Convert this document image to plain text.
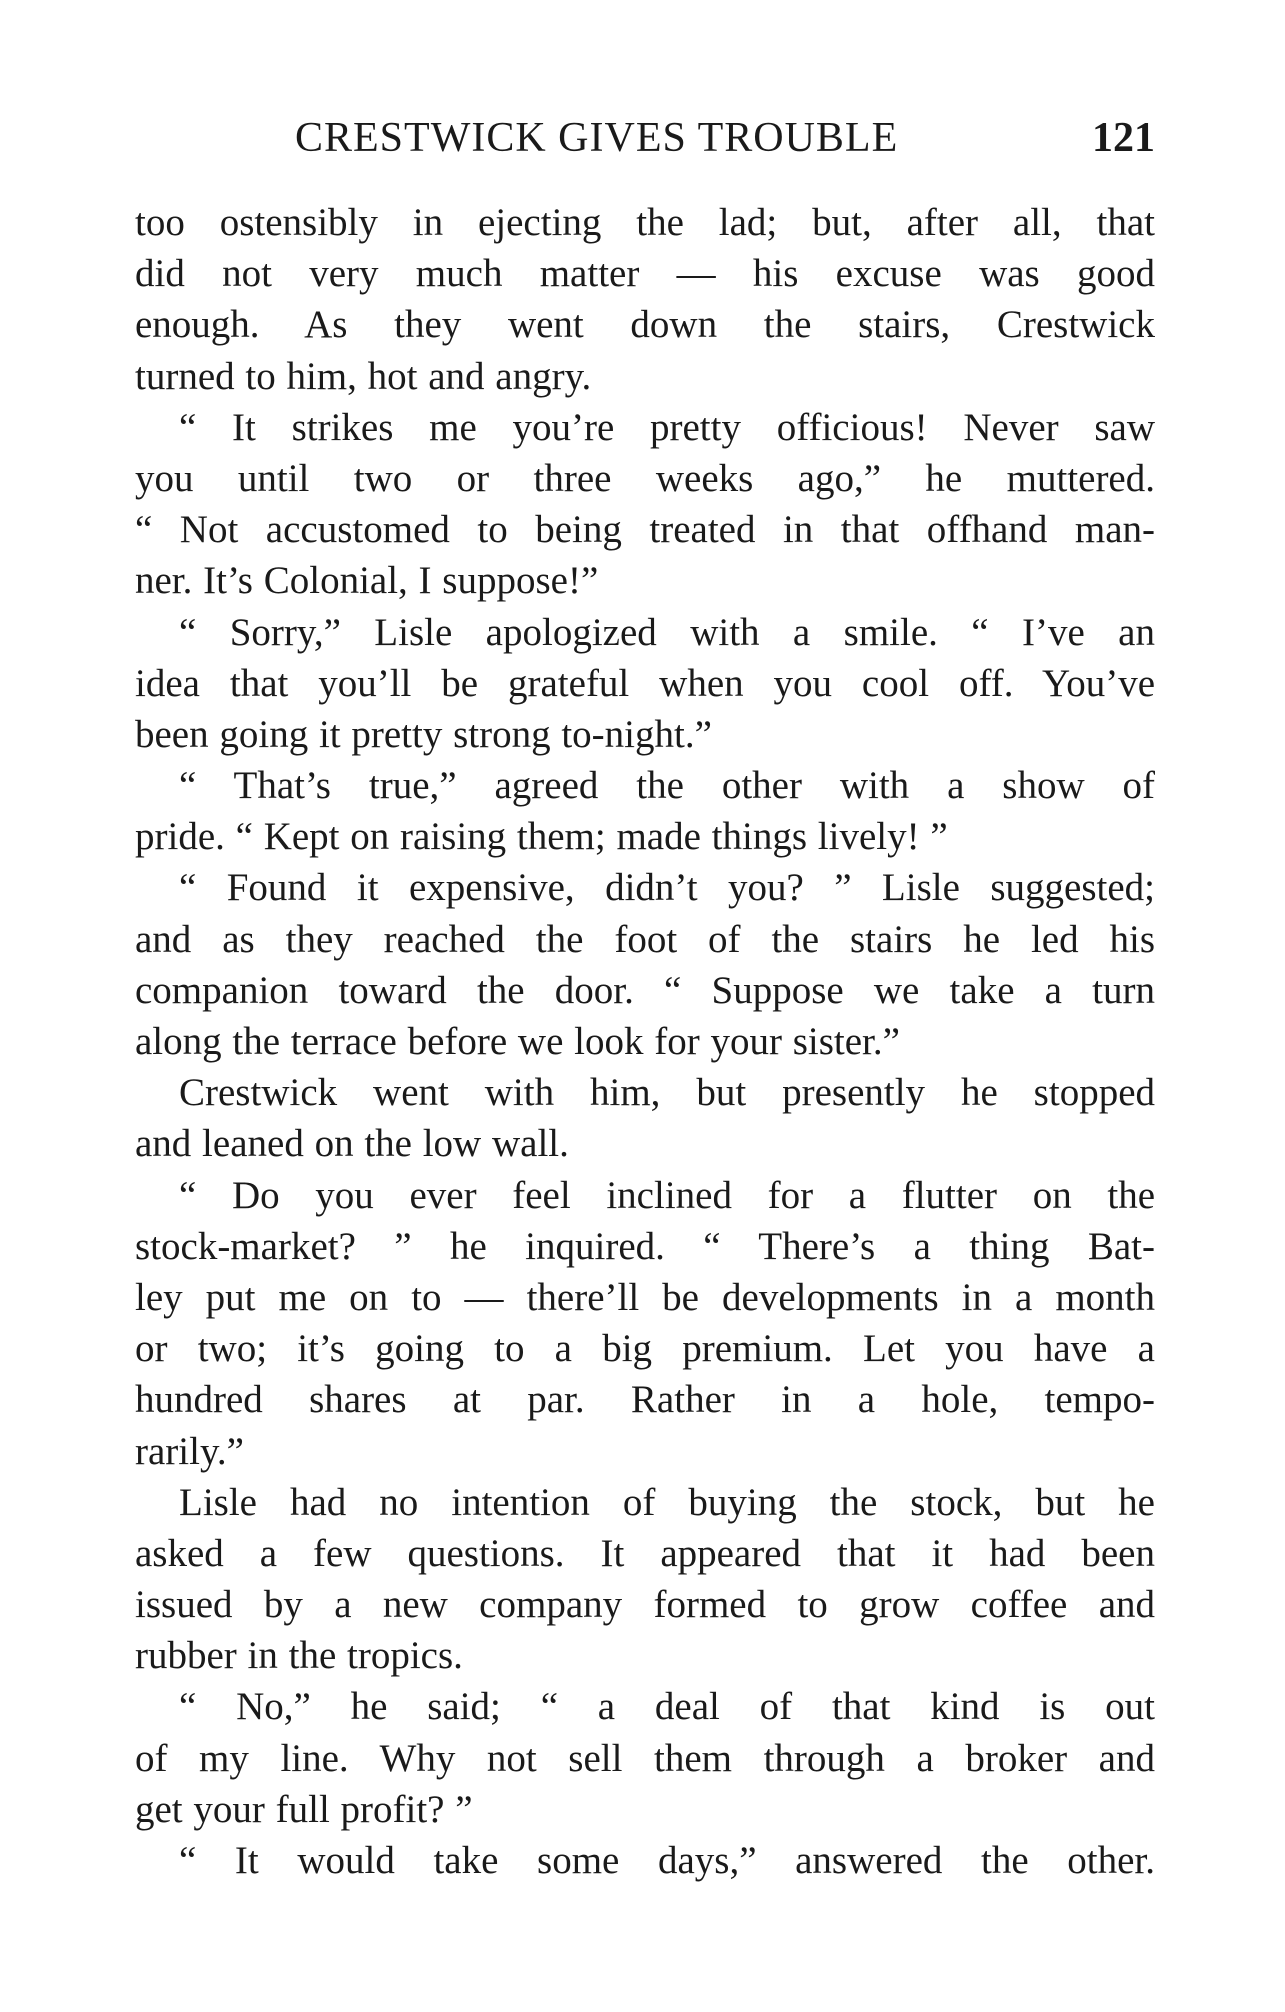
CRESTWICK GIVES TROUBLE	121
too ostensibly in ejecting the lad; but, after all, that
did not very much matter — his excuse was good
enough. As they went down the stairs, Crestwick
turned to him, hot and angry.
“ It strikes me you’re pretty officious! Never saw
you until two or three weeks ago,” he muttered.
“ Not accustomed to being treated in that offhand man-
ner. It’s Colonial, I suppose!”
“ Sorry,” Lisle apologized with a smile. “ I’ve an
idea that you’ll be grateful when you cool off. You’ve
been going it pretty strong to-night.”
“ That’s true,” agreed the other with a show of
pride. “ Kept on raising them; made things lively! ”
“ Found it expensive, didn’t you? ” Lisle suggested;
and as they reached the foot of the stairs he led his
companion toward the door. “ Suppose we take a turn
along the terrace before we look for your sister.”
Crestwick went with him, but presently he stopped
and leaned on the low wall.
“ Do you ever feel inclined for a flutter on the
stock-market? ” he inquired. “ There’s a thing Bat-
ley put me on to — there’ll be developments in a month
or two; it’s going to a big premium. Let you have a
hundred shares at par. Rather in a hole, tempo-
rarily.”
Lisle had no intention of buying the stock, but he
asked a few questions. It appeared that it had been
issued by a new company formed to grow coffee and
rubber in the tropics.
“ No,” he said; “ a deal of that kind is out
of my line. Why not sell them through a broker and
get your full profit? ”
“ It would take some days,” answered the other.
